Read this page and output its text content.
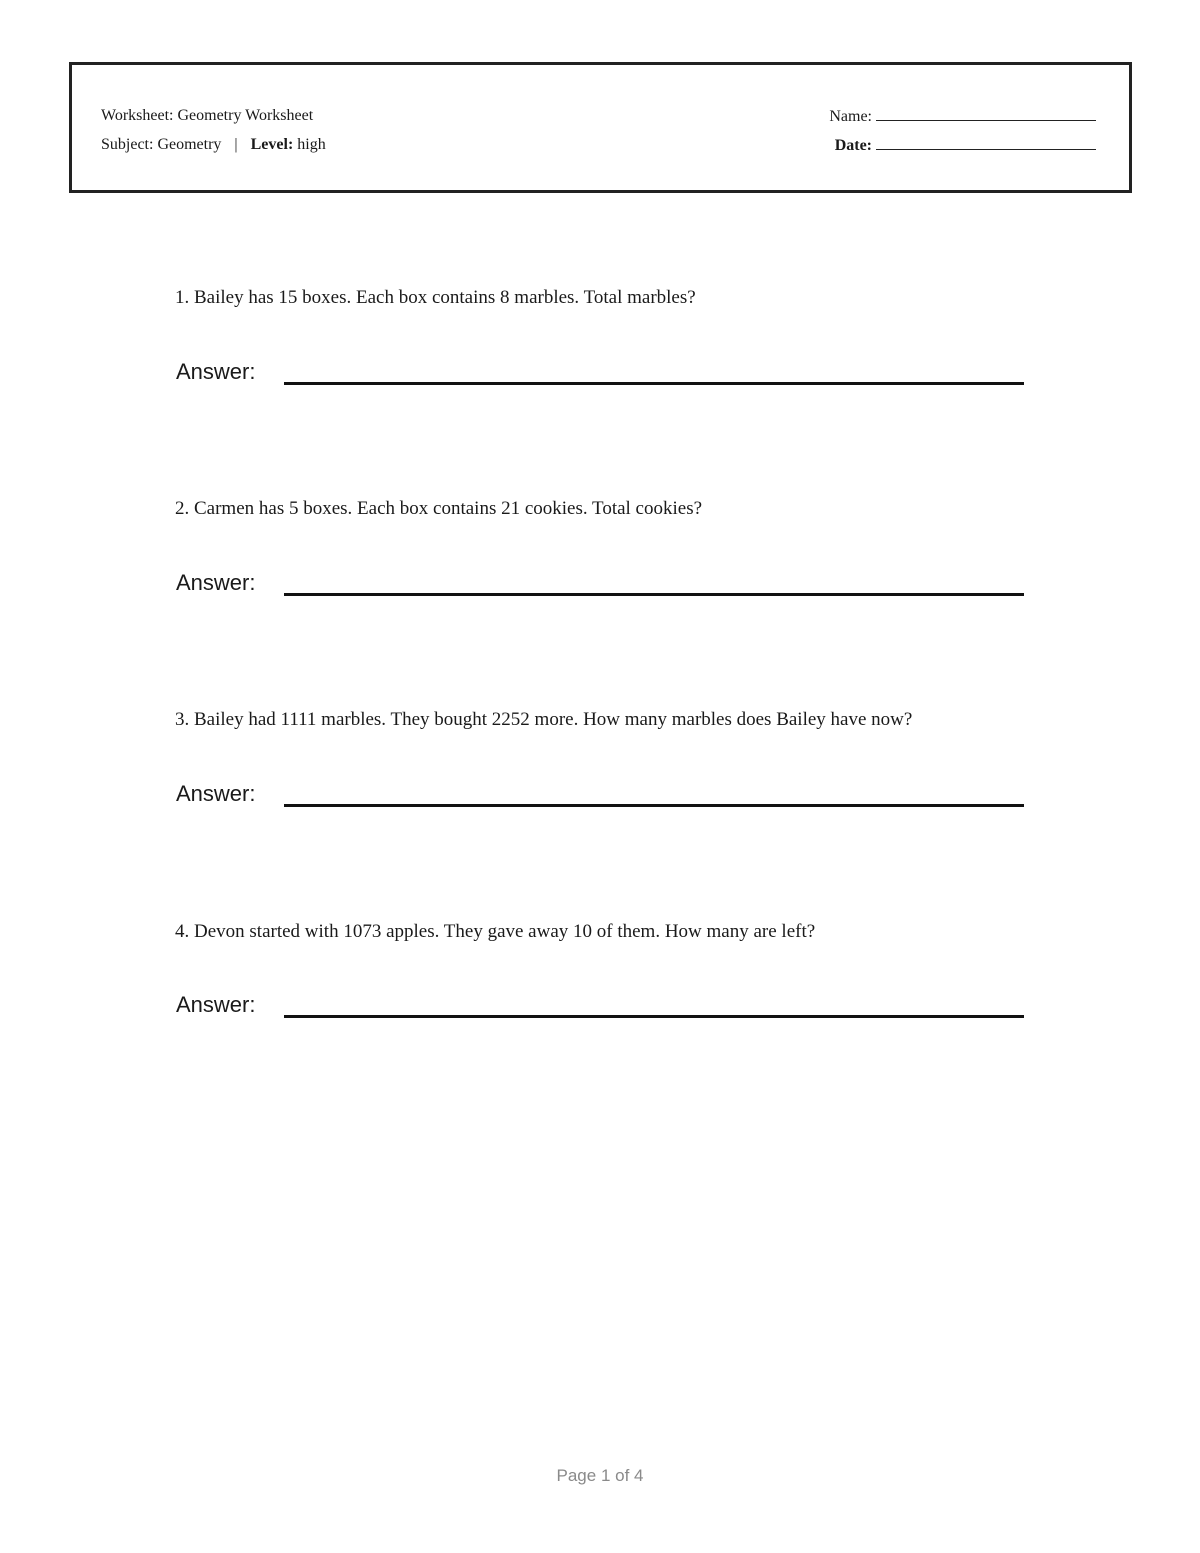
Worksheet: Geometry Worksheet
Subject: Geometry | Level: high
Name:
Date:
1. Bailey has 15 boxes. Each box contains 8 marbles. Total marbles?
Answer:
2. Carmen has 5 boxes. Each box contains 21 cookies. Total cookies?
Answer:
3. Bailey had 1111 marbles. They bought 2252 more. How many marbles does Bailey have now?
Answer:
4. Devon started with 1073 apples. They gave away 10 of them. How many are left?
Answer:
Page 1 of 4
